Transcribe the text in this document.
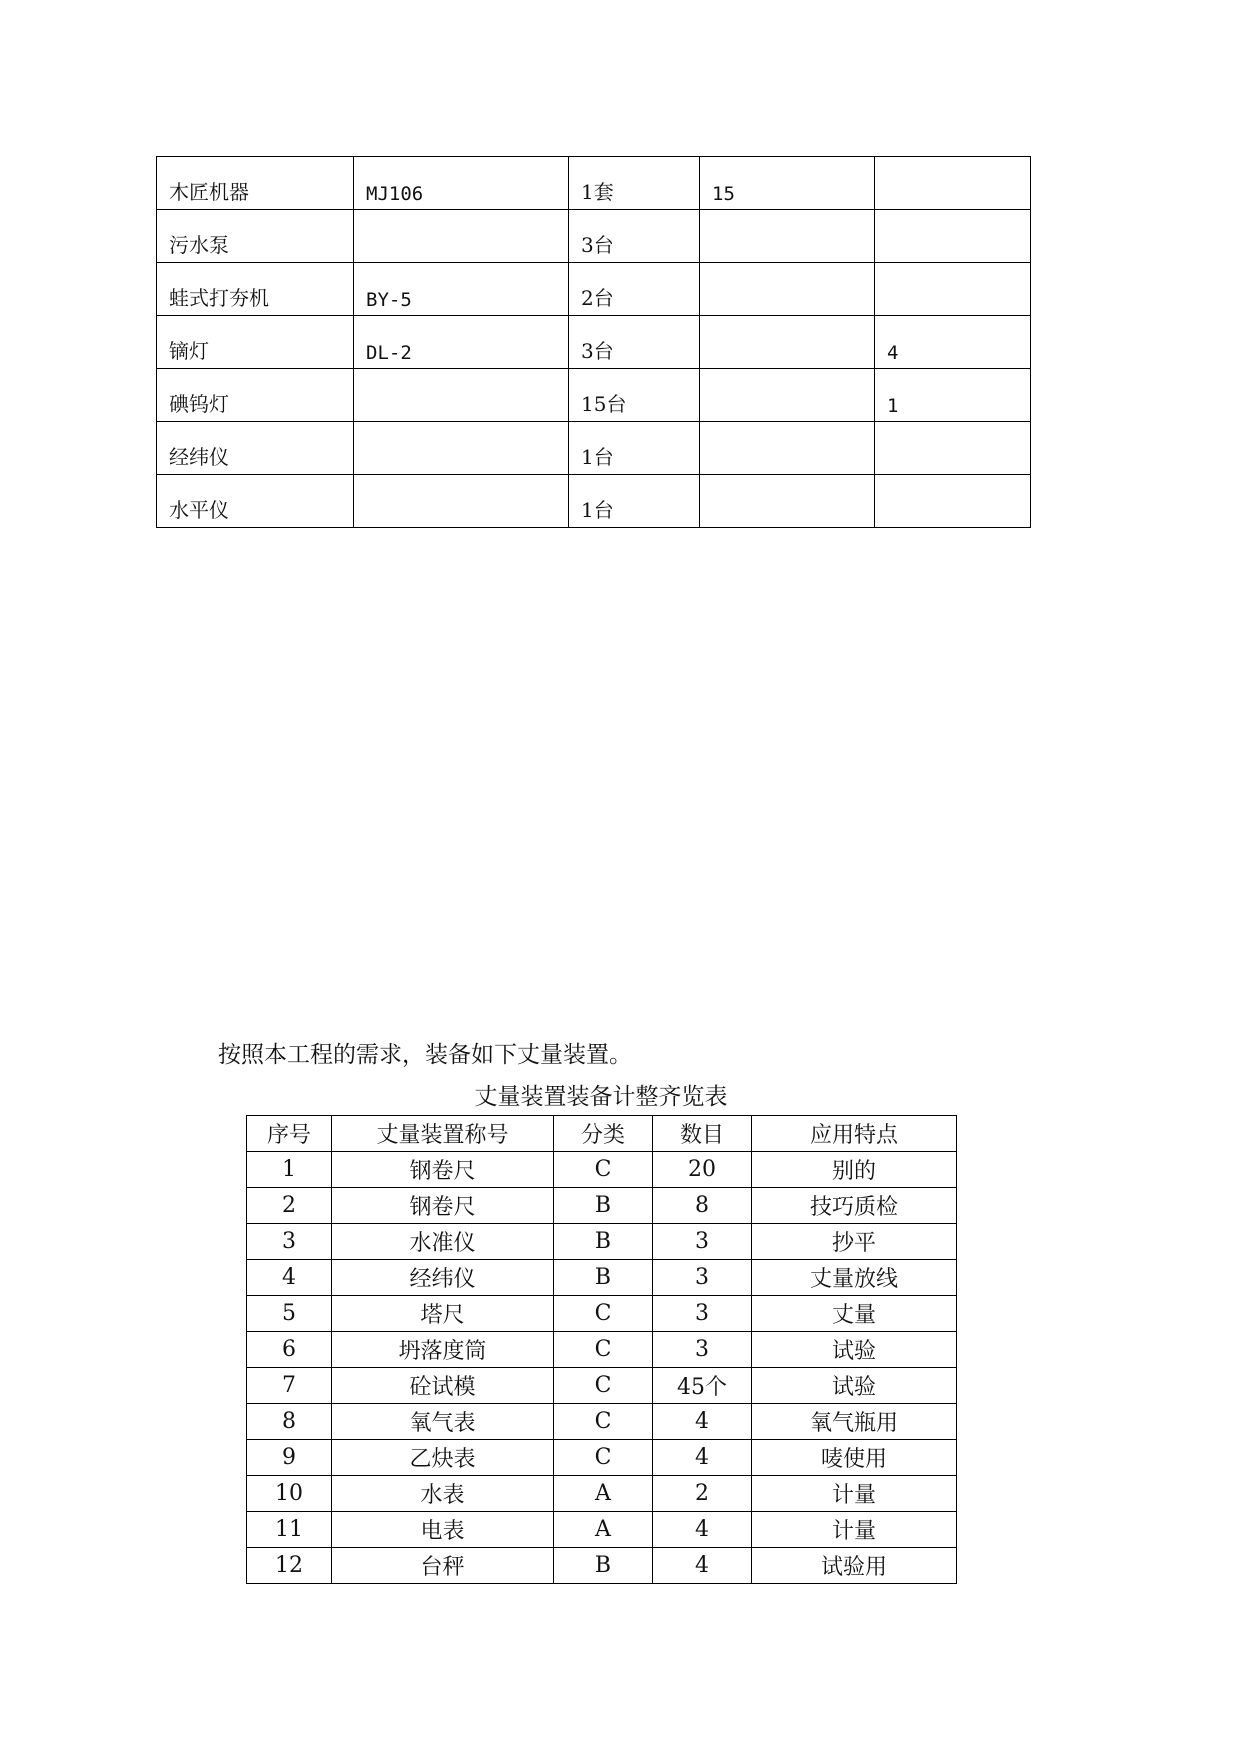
木匠机器	MJ106	1套	15	
污水泵		3台		
蛙式打夯机	BY-5	2台		
镝灯	DL-2	3台		4
碘钨灯		15台		1
经纬仪		1台		
水平仪		1台		

按照本工程的需求，装备如下丈量装置。

丈量装置装备计整齐览表

序号	丈量装置称号	分类	数目	应用特点
1	钢卷尺	C	20	别的
2	钢卷尺	B	8	技巧质检
3	水准仪	B	3	抄平
4	经纬仪	B	3	丈量放线
5	塔尺	C	3	丈量
6	坍落度筒	C	3	试验
7	砼试模	C	45个	试验
8	氧气表	C	4	氧气瓶用
9	乙炔表	C	4	唛使用
10	水表	A	2	计量
11	电表	A	4	计量
12	台秤	B	4	试验用
